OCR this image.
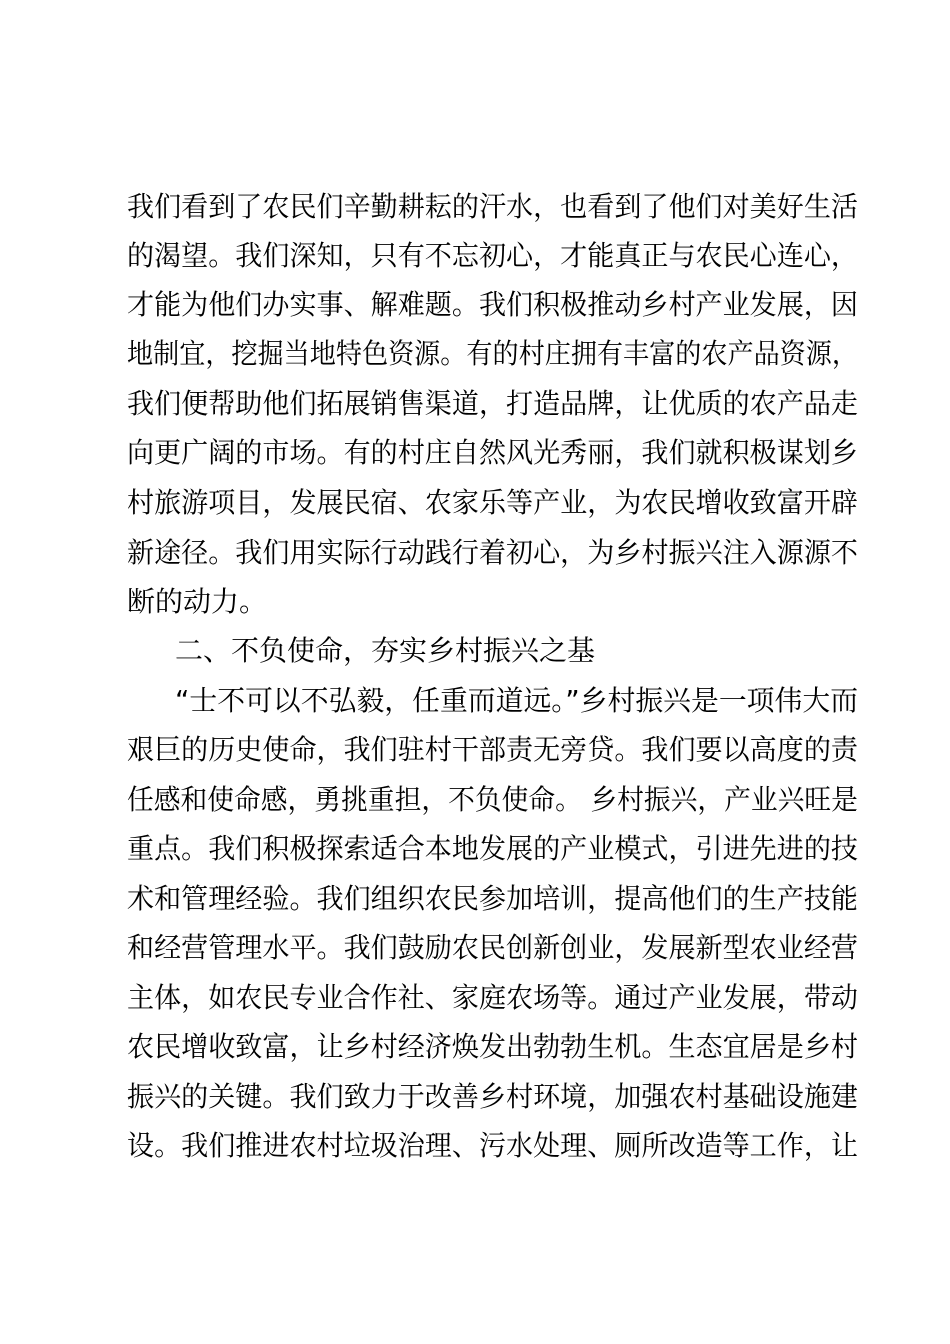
我们看到了农民们辛勤耕耘的汗水，也看到了他们对美好生活
的渴望。我们深知，只有不忘初心，才能真正与农民心连心，
才能为他们办实事、解难题。我们积极推动乡村产业发展，因
地制宜，挖掘当地特色资源。有的村庄拥有丰富的农产品资源，
我们便帮助他们拓展销售渠道，打造品牌，让优质的农产品走
向更广阔的市场。有的村庄自然风光秀丽，我们就积极谋划乡
村旅游项目，发展民宿、农家乐等产业，为农民增收致富开辟
新途径。我们用实际行动践行着初心，为乡村振兴注入源源不
断的动力。
二、不负使命，夯实乡村振兴之基
“士不可以不弘毅，任重而道远。”乡村振兴是一项伟大而
艰巨的历史使命，我们驻村干部责无旁贷。我们要以高度的责
任感和使命感，勇挑重担，不负使命。 乡村振兴，产业兴旺是
重点。我们积极探索适合本地发展的产业模式，引进先进的技
术和管理经验。我们组织农民参加培训，提高他们的生产技能
和经营管理水平。我们鼓励农民创新创业，发展新型农业经营
主体，如农民专业合作社、家庭农场等。通过产业发展，带动
农民增收致富，让乡村经济焕发出勃勃生机。生态宜居是乡村
振兴的关键。我们致力于改善乡村环境，加强农村基础设施建
设。我们推进农村垃圾治理、污水处理、厕所改造等工作，让
